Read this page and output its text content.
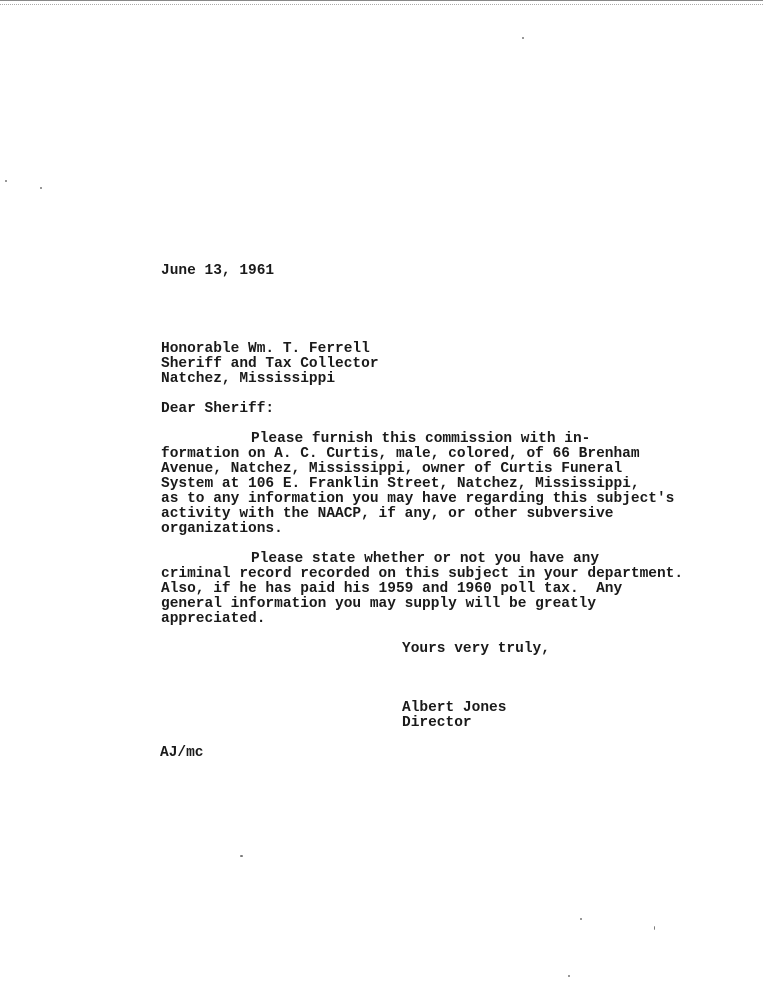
June 13, 1961
Honorable Wm. T. Ferrell
Sheriff and Tax Collector
Natchez, Mississippi
Dear Sheriff:
Please furnish this commission with in-
formation on A. C. Curtis, male, colored, of 66 Brenham
Avenue, Natchez, Mississippi, owner of Curtis Funeral
System at 106 E. Franklin Street, Natchez, Mississippi,
as to any information you may have regarding this subject's
activity with the NAACP, if any, or other subversive
organizations.
Please state whether or not you have any
criminal record recorded on this subject in your department.
Also, if he has paid his 1959 and 1960 poll tax.  Any
general information you may supply will be greatly
appreciated.
Yours very truly,
Albert Jones
Director
AJ/mc
